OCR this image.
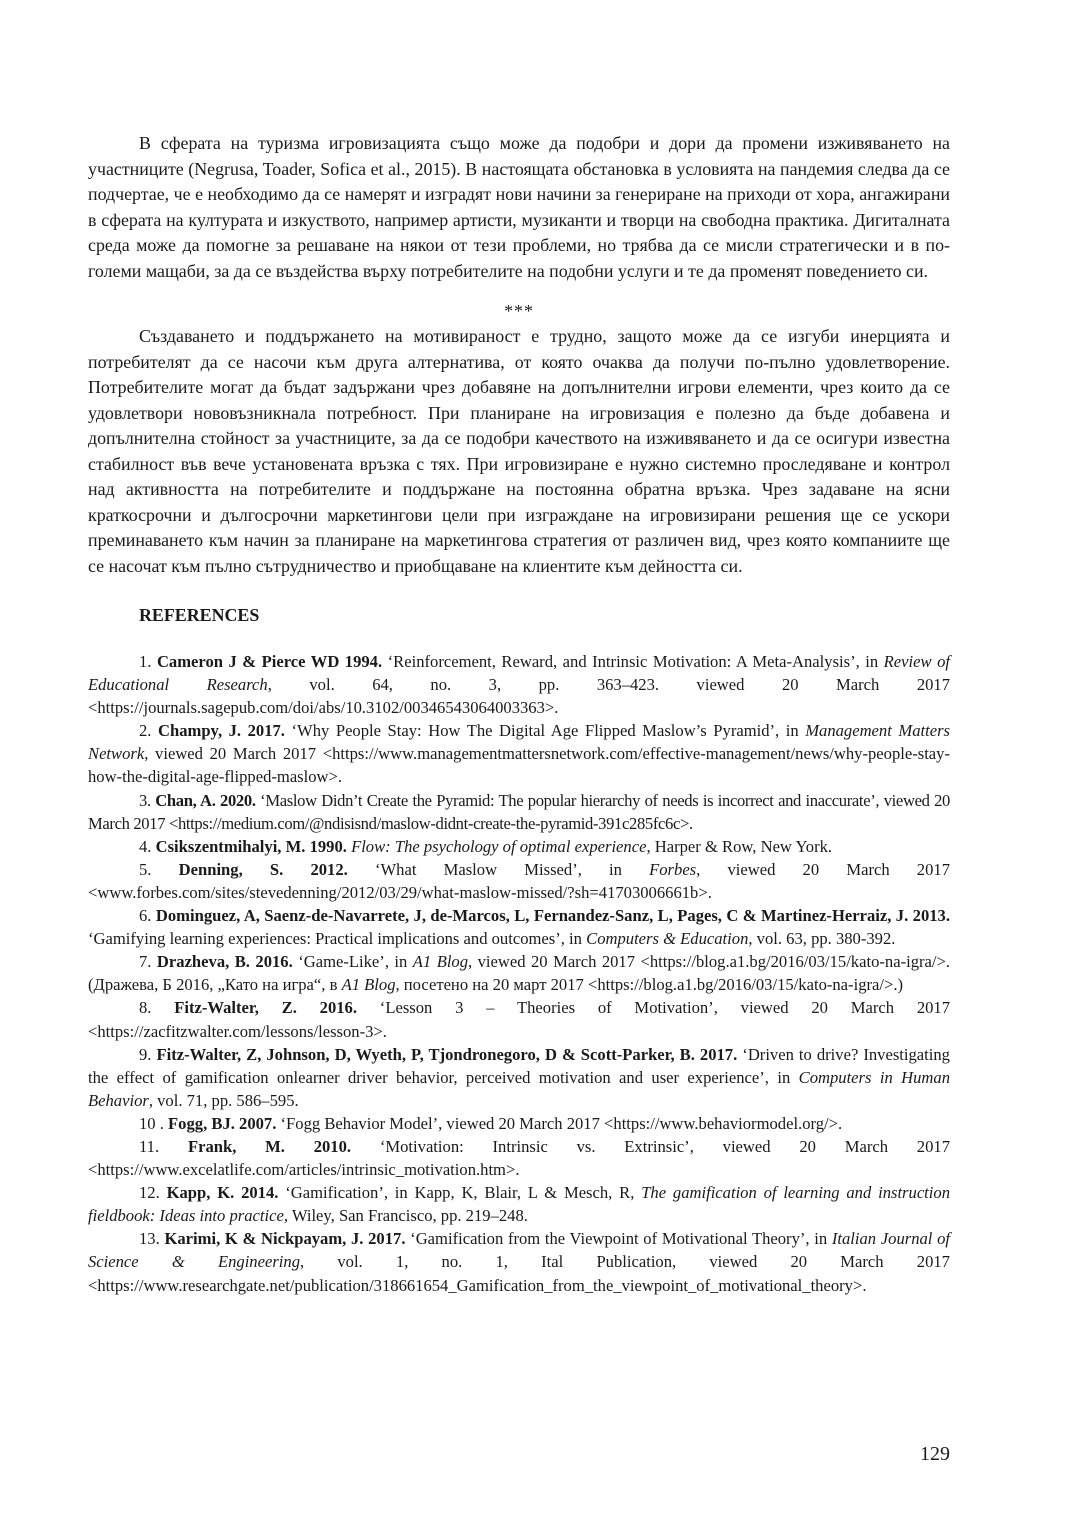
В сферата на туризма игровизацията също може да подобри и дори да промени изживяването на участниците (Negrusa, Toader, Sofica et al., 2015). В настоящата обстановка в условията на пандемия следва да се подчертае, че е необходимо да се намерят и изградят нови начини за генериране на приходи от хора, ангажирани в сферата на културата и изкуството, например артисти, музиканти и творци на свободна практика. Дигиталната среда може да помогне за решаване на някои от тези проблеми, но трябва да се мисли стратегически и в по-големи мащаби, за да се въздейства върху потребителите на подобни услуги и те да променят поведението си.

***

Създаването и поддържането на мотивираност е трудно, защото може да се изгуби инерцията и потребителят да се насочи към друга алтернатива, от която очаква да получи по-пълно удовлетворение. Потребителите могат да бъдат задържани чрез добавяне на допълнителни игрови елементи, чрез които да се удовлетвори нововъзникнала потребност. При планиране на игровизация е полезно да бъде добавена и допълнителна стойност за участниците, за да се подобри качеството на изживяването и да се осигури известна стабилност във вече установената връзка с тях. При игровизиране е нужно системно проследяване и контрол над активността на потребителите и поддържане на постоянна обратна връзка. Чрез задаване на ясни краткосрочни и дългосрочни маркетингови цели при изграждане на игровизирани решения ще се ускори преминаването към начин за планиране на маркетингова стратегия от различен вид, чрез която компаниите ще се насочат към пълно сътрудничество и приобщаване на клиентите към дейността си.

REFERENCES

1. Cameron J & Pierce WD 1994. ‘Reinforcement, Reward, and Intrinsic Motivation: A Meta-Analysis’, in Review of Educational Research, vol. 64, no. 3, pp. 363–423. viewed 20 March 2017 <https://journals.sagepub.com/doi/abs/10.3102/00346543064003363>.

2. Champy, J. 2017. ‘Why People Stay: How The Digital Age Flipped Maslow’s Pyramid’, in Management Matters Network, viewed 20 March 2017 <https://www.managementmattersnetwork.com/effective-management/news/why-people-stay-how-the-digital-age-flipped-maslow>.

3. Chan, A. 2020. ‘Maslow Didn’t Create the Pyramid: The popular hierarchy of needs is incorrect and inaccurate’, viewed 20 March 2017 <https://medium.com/@ndisisnd/maslow-didnt-create-the-pyramid-391c285fc6c>.

4. Csikszentmihalyi, M. 1990. Flow: The psychology of optimal experience, Harper & Row, New York.

5. Denning, S. 2012. ‘What Maslow Missed’, in Forbes, viewed 20 March 2017 <www.forbes.com/sites/stevedenning/2012/03/29/what-maslow-missed/?sh=41703006661b>.

6. Dominguez, A, Saenz-de-Navarrete, J, de-Marcos, L, Fernandez-Sanz, L, Pages, C & Martinez-Herraiz, J. 2013. ‘Gamifying learning experiences: Practical implications and outcomes’, in Computers & Education, vol. 63, pp. 380-392.

7. Drazheva, B. 2016. ‘Game-Like’, in A1 Blog, viewed 20 March 2017 <https://blog.a1.bg/2016/03/15/kato-na-igra/>. (Дражева, Б 2016, „Като на игра“, в A1 Blog, посетено на 20 март 2017 <https://blog.a1.bg/2016/03/15/kato-na-igra/>.)

8. Fitz-Walter, Z. 2016. ‘Lesson 3 – Theories of Motivation’, viewed 20 March 2017 <https://zacfitzwalter.com/lessons/lesson-3>.

9. Fitz-Walter, Z, Johnson, D, Wyeth, P, Tjondronegoro, D & Scott-Parker, B. 2017. ‘Driven to drive? Investigating the effect of gamification onlearner driver behavior, perceived motivation and user experience’, in Computers in Human Behavior, vol. 71, pp. 586–595.

10 . Fogg, BJ. 2007. ‘Fogg Behavior Model’, viewed 20 March 2017 <https://www.behaviormodel.org/>.

11. Frank, M. 2010. ‘Motivation: Intrinsic vs. Extrinsic’, viewed 20 March 2017 <https://www.excelatlife.com/articles/intrinsic_motivation.htm>.

12. Kapp, K. 2014. ‘Gamification’, in Kapp, K, Blair, L & Mesch, R, The gamification of learning and instruction fieldbook: Ideas into practice, Wiley, San Francisco, pp. 219–248.

13. Karimi, K & Nickpayam, J. 2017. ‘Gamification from the Viewpoint of Motivational Theory’, in Italian Journal of Science & Engineering, vol. 1, no. 1, Ital Publication, viewed 20 March 2017 <https://www.researchgate.net/publication/318661654_Gamification_from_the_viewpoint_of_motivational_theory>.

129
